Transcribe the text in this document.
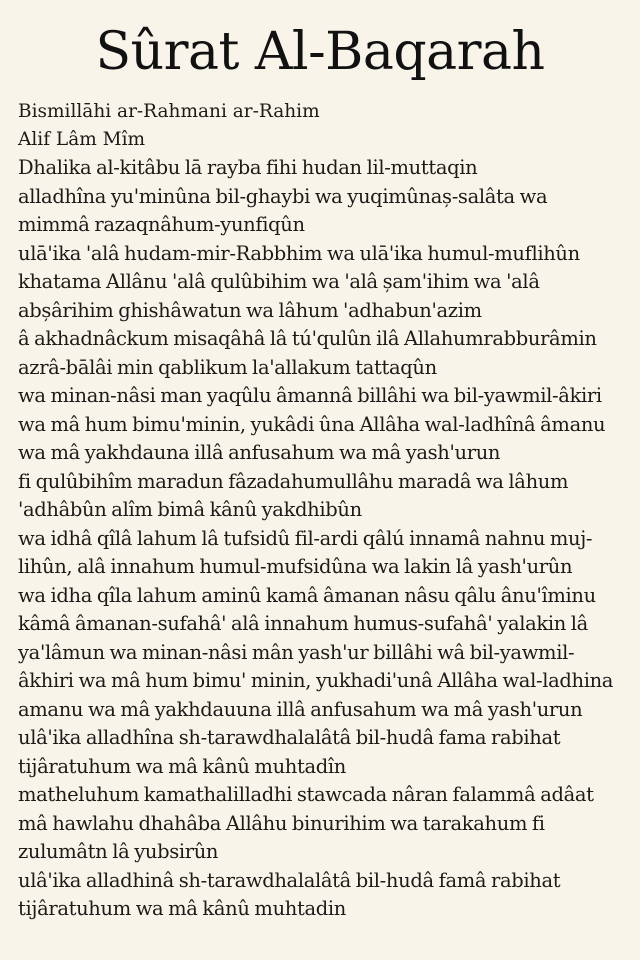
Sûrat Al-Baqarah
Bismillāhi ar-Rahmani ar-Rahim
Alif Lâm Mîm
Dhalika al-kitâbu lā rayba fihi hudan lil-muttaqin
alladhîna yu'minûna bil-ghaybi wa yuqimûnaș-salâta wa
mimmâ razaqnâhum-yunfiqûn
ulā'ika 'alâ hudam-mir-Rabbhim wa ulā'ika humul-muflihûn
khatama Allânu 'alâ qulûbihim wa 'alâ șam'ihim wa 'alâ
abșârihim ghishâwatun wa lâhum 'adhabun'azim
â akhadnâckum misaqâhâ lâ tú'qulûn ilâ Allahumrabburâmin
azrâ-bālâi min qablikum la'allakum tattaqûn
wa minan-nâsi man yaqûlu âmannâ billâhi wa bil-yawmil-âkiri
wa mâ hum bimu'minin, yukâdi ûna Allâha wal-ladhînâ âmanu
wa mâ yakhdauna illâ anfusahum wa mâ yash'urun
fi qulûbihîm maradun fâzadahumullâhu maradâ wa lâhum
'adhâbûn alîm bimâ kânû yakdhibûn
wa idhâ qîlâ lahum lâ tufsidû fil-ardi qâlú innamâ nahnu muj-
lihûn, alâ innahum humul-mufsidûna wa lakin lâ yash'urûn
wa idha qîla lahum aminû kamâ âmanan nâsu qâlu ânu'îminu
kâmâ âmanan-sufahâ' alâ innahum humus-sufahâ' yalakin lâ
ya'lâmun wa minan-nâsi mân yash'ur billâhi wâ bil-yawmil-
âkhiri wa mâ hum bimu' minin, yukhadi'unâ Allâha wal-ladhina
amanu wa mâ yakhdauuna illâ anfusahum wa mâ yash'urun
ulâ'ika alladhîna sh-tarawdhalalâtâ bil-hudâ fama rabihat
tijâratuhum wa mâ kânû muhtadîn
matheluhum kamathalilladhi stawcada nâran falammâ adâat
mâ hawlahu dhahâba Allâhu binurihim wa tarakahum fi
zulumâtn lâ yubsirûn
ulâ'ika alladhinâ sh-tarawdhalalâtâ bil-hudâ famâ rabihat
tijâratuhum wa mâ kânû muhtadin
